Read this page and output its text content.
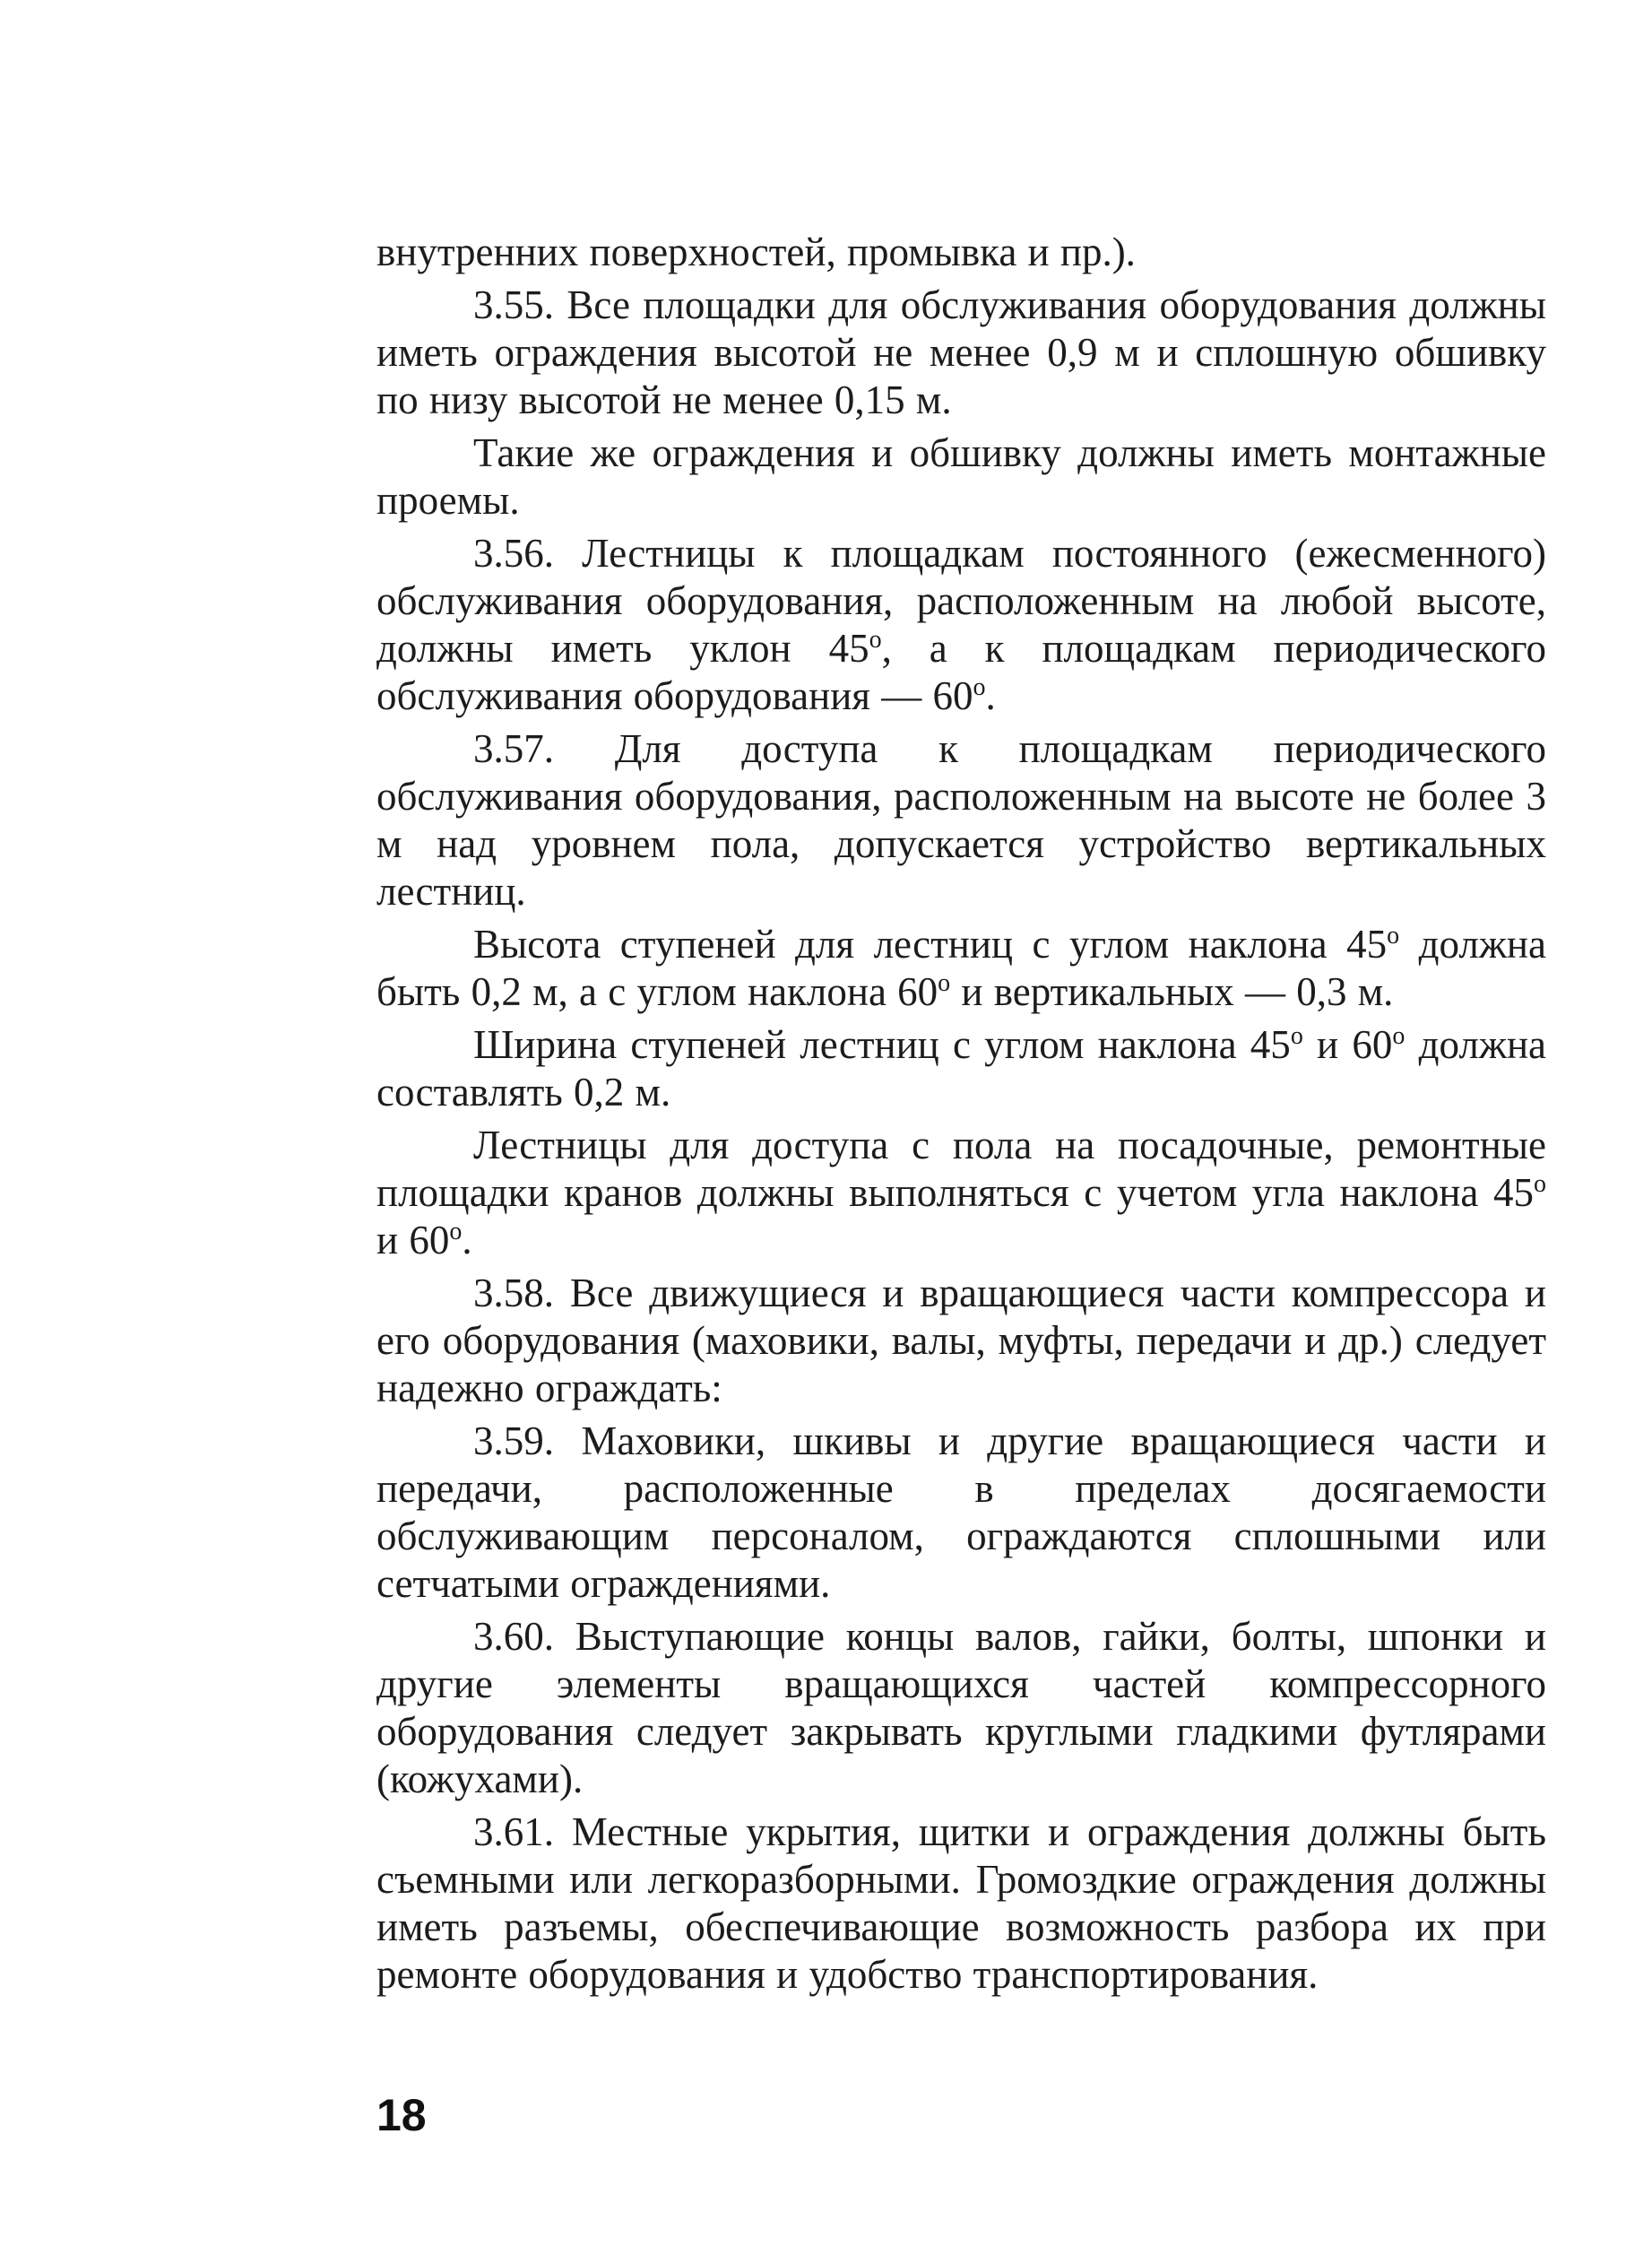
внутренних поверхностей, промывка и пр.).

3.55. Все площадки для обслуживания оборудования должны иметь ограждения высотой не менее 0,9 м и сплошную обшивку по низу высотой не менее 0,15 м.

Такие же ограждения и обшивку должны иметь монтажные проемы.

3.56. Лестницы к площадкам постоянного (ежесменного) обслуживания оборудования, расположенным на любой высоте, должны иметь уклон 45$^o$, а к площадкам периодического обслуживания оборудования — 60$^o$.

3.57. Для доступа к площадкам периодического обслуживания оборудования, расположенным на высоте не более 3 м над уровнем пола, допускается устройство вертикальных лестниц.

Высота ступеней для лестниц с углом наклона 45$^o$ должна быть 0,2 м, а с углом наклона 60$^o$ и вертикальных — 0,3 м.

Ширина ступеней лестниц с углом наклона 45$^o$ и 60$^o$ должна составлять 0,2 м.

Лестницы для доступа с пола на посадочные, ремонтные площадки кранов должны выполняться с учетом угла наклона 45$^o$ и 60$^o$.

3.58. Все движущиеся и вращающиеся части компрессора и его оборудования (маховики, валы, муфты, передачи и др.) следует надежно ограждать:

3.59. Маховики, шкивы и другие вращающиеся части и передачи, расположенные в пределах досягаемости обслуживающим персоналом, ограждаются сплошными или сетчатыми ограждениями.

3.60. Выступающие концы валов, гайки, болты, шпонки и другие элементы вращающихся частей компрессорного оборудования следует закрывать круглыми гладкими футлярами (кожухами).

3.61. Местные укрытия, щитки и ограждения должны быть съемными или легкоразборными. Громоздкие ограждения должны иметь разъемы, обеспечивающие возможность разбора их при ремонте оборудования и удобство транспортирования.

18
